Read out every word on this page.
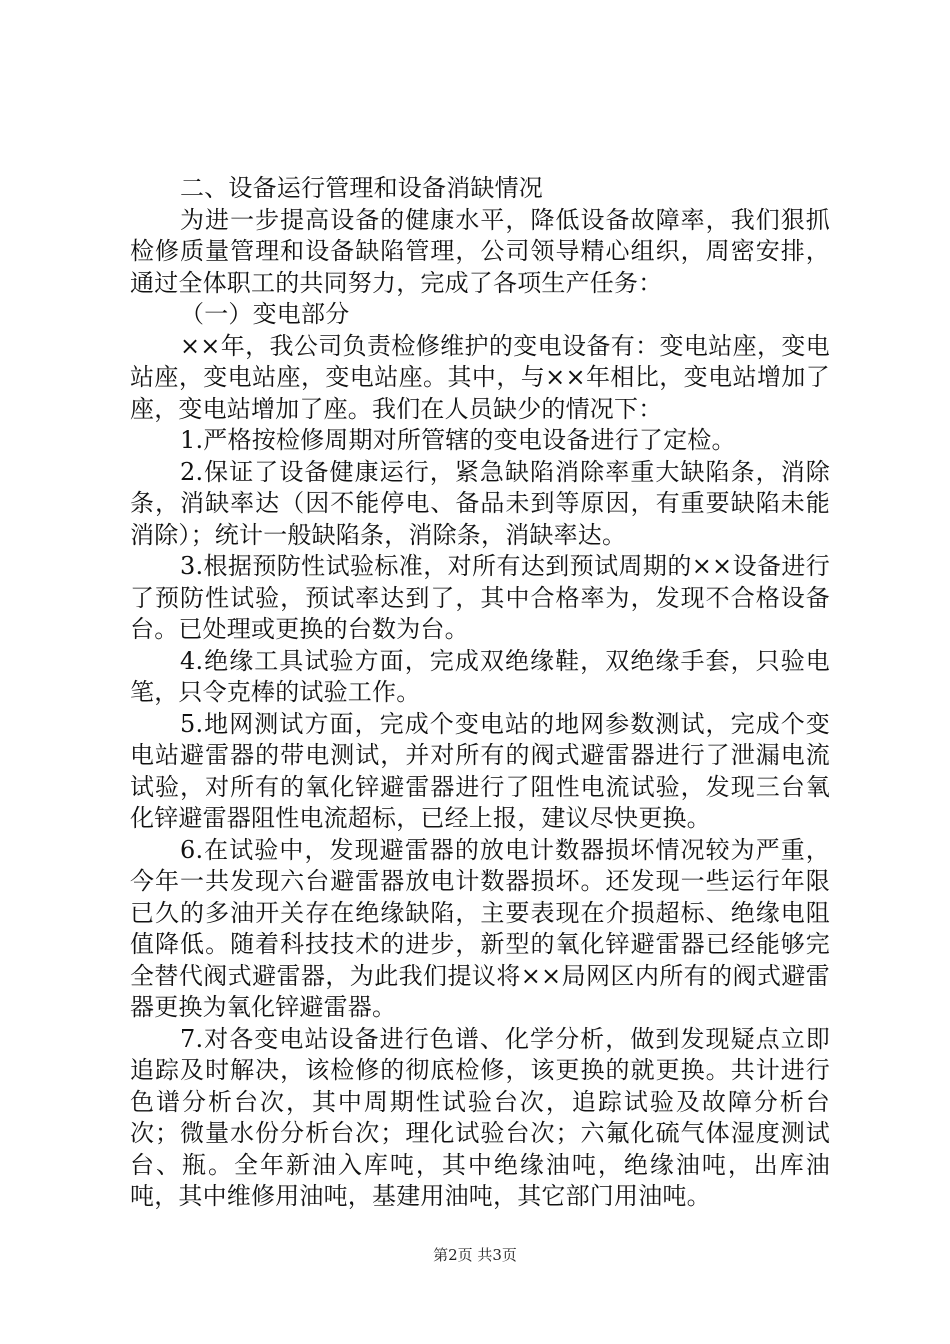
二、设备运行管理和设备消缺情况

为进一步提高设备的健康水平，降低设备故障率，我们狠抓检修质量管理和设备缺陷管理，公司领导精心组织，周密安排，通过全体职工的共同努力，完成了各项生产任务：

（一）变电部分

××年，我公司负责检修维护的变电设备有：变电站座，变电站座，变电站座，变电站座。其中，与××年相比，变电站增加了座，变电站增加了座。我们在人员缺少的情况下：

1.严格按检修周期对所管辖的变电设备进行了定检。

2.保证了设备健康运行，紧急缺陷消除率重大缺陷条，消除条，消缺率达（因不能停电、备品未到等原因，有重要缺陷未能消除）；统计一般缺陷条，消除条，消缺率达。

3.根据预防性试验标准，对所有达到预试周期的××设备进行了预防性试验，预试率达到了，其中合格率为，发现不合格设备台。已处理或更换的台数为台。

4.绝缘工具试验方面，完成双绝缘鞋，双绝缘手套，只验电笔，只令克棒的试验工作。

5.地网测试方面，完成个变电站的地网参数测试，完成个变电站避雷器的带电测试，并对所有的阀式避雷器进行了泄漏电流试验，对所有的氧化锌避雷器进行了阻性电流试验，发现三台氧化锌避雷器阻性电流超标，已经上报，建议尽快更换。

6.在试验中，发现避雷器的放电计数器损坏情况较为严重，今年一共发现六台避雷器放电计数器损坏。还发现一些运行年限已久的多油开关存在绝缘缺陷，主要表现在介损超标、绝缘电阻值降低。随着科技技术的进步，新型的氧化锌避雷器已经能够完全替代阀式避雷器，为此我们提议将××局网区内所有的阀式避雷器更换为氧化锌避雷器。

7.对各变电站设备进行色谱、化学分析，做到发现疑点立即追踪及时解决，该检修的彻底检修，该更换的就更换。共计进行色谱分析台次，其中周期性试验台次，追踪试验及故障分析台次；微量水份分析台次；理化试验台次；六氟化硫气体湿度测试台、瓶。全年新油入库吨，其中绝缘油吨，绝缘油吨，出库油吨，其中维修用油吨，基建用油吨，其它部门用油吨。

第2页 共3页
